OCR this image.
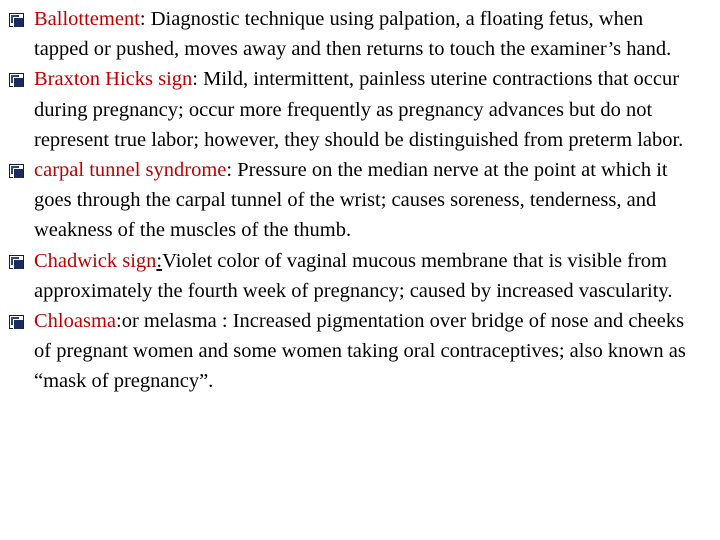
Ballottement: Diagnostic technique using palpation, a floating fetus, when tapped or pushed, moves away and then returns to touch the examiner’s hand.
Braxton Hicks sign: Mild, intermittent, painless uterine contractions that occur during pregnancy; occur more frequently as pregnancy advances but do not represent true labor; however, they should be distinguished from preterm labor.
carpal tunnel syndrome: Pressure on the median nerve at the point at which it goes through the carpal tunnel of the wrist; causes soreness, tenderness, and weakness of the muscles of the thumb.
Chadwick sign:Violet color of vaginal mucous membrane that is visible from approximately the fourth week of pregnancy; caused by increased vascularity.
Chloasma:or melasma : Increased pigmentation over bridge of nose and cheeks of pregnant women and some women taking oral contraceptives; also known as “mask of pregnancy”.
